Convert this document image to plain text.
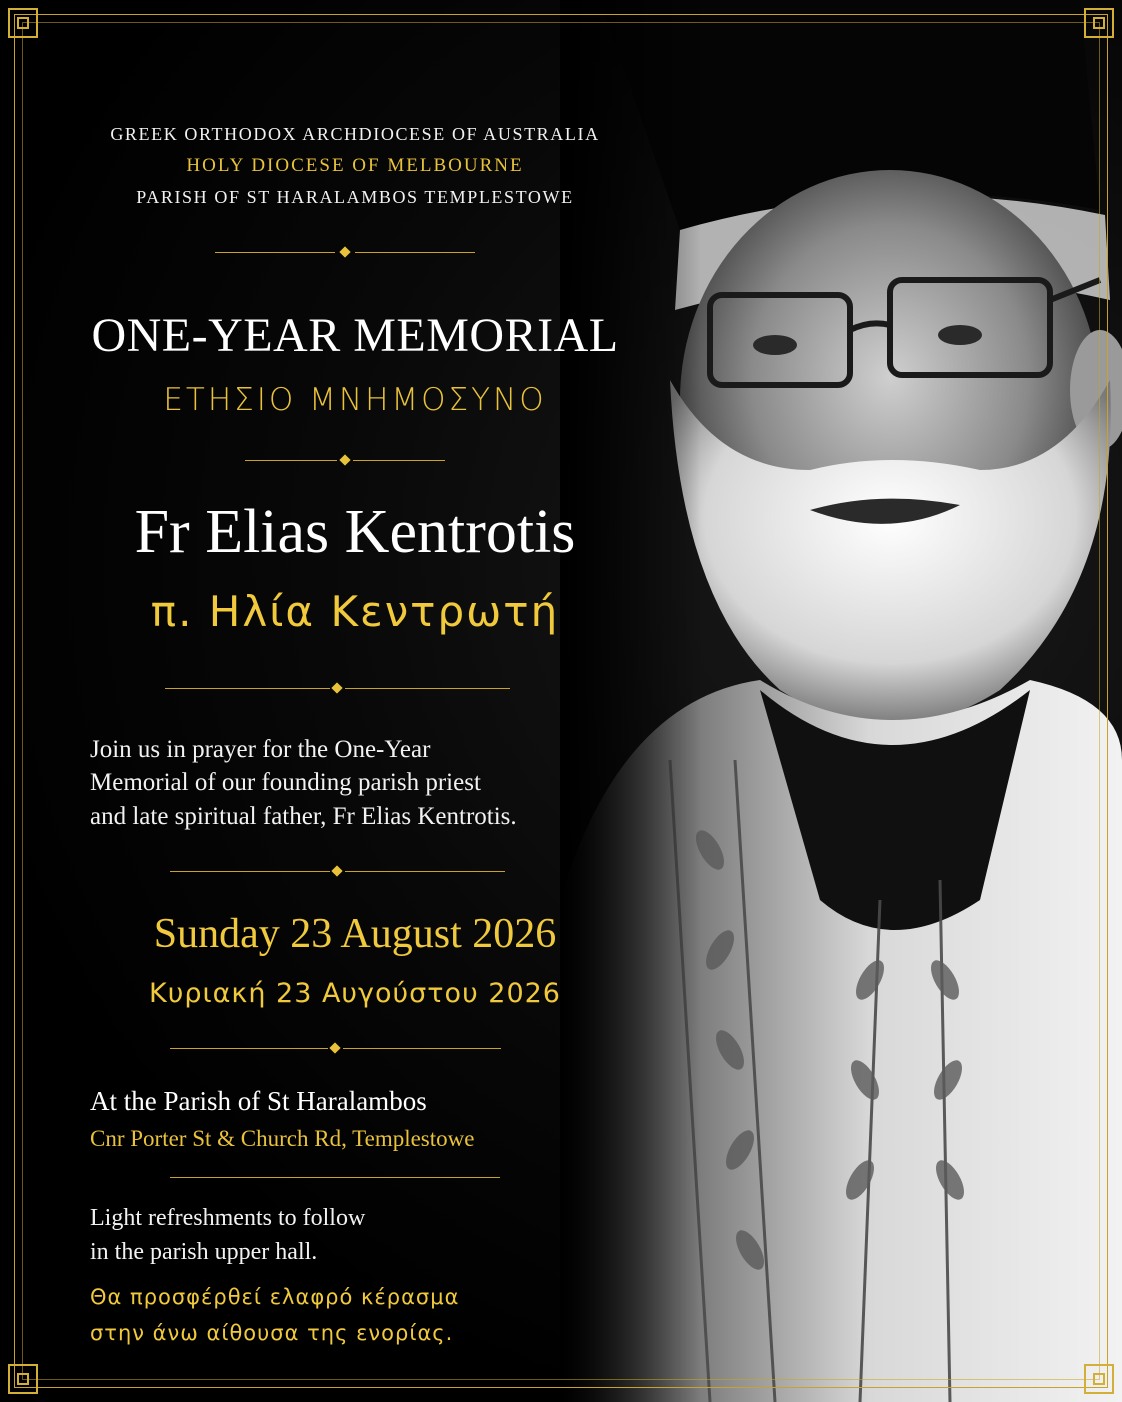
GREEK ORTHODOX ARCHDIOCESE OF AUSTRALIA
HOLY DIOCESE OF MELBOURNE
PARISH OF ST HARALAMBOS TEMPLESTOWE
ONE-YEAR MEMORIAL
ΕΤΗΣΙΟ ΜΝΗΜΟΣΥΝΟ
Fr Elias Kentrotis
π. Ηλία Κεντρωτή
Join us in prayer for the One-Year
Memorial of our founding parish priest
and late spiritual father, Fr Elias Kentrotis.
Sunday 23 August 2026
Κυριακή 23 Αυγούστου 2026
At the Parish of St Haralambos
Cnr Porter St & Church Rd, Templestowe
Light refreshments to follow
in the parish upper hall.
Θα προσφέρθεί ελαφρό κέρασμα
στην άνω αίθουσα της ενορίας.
